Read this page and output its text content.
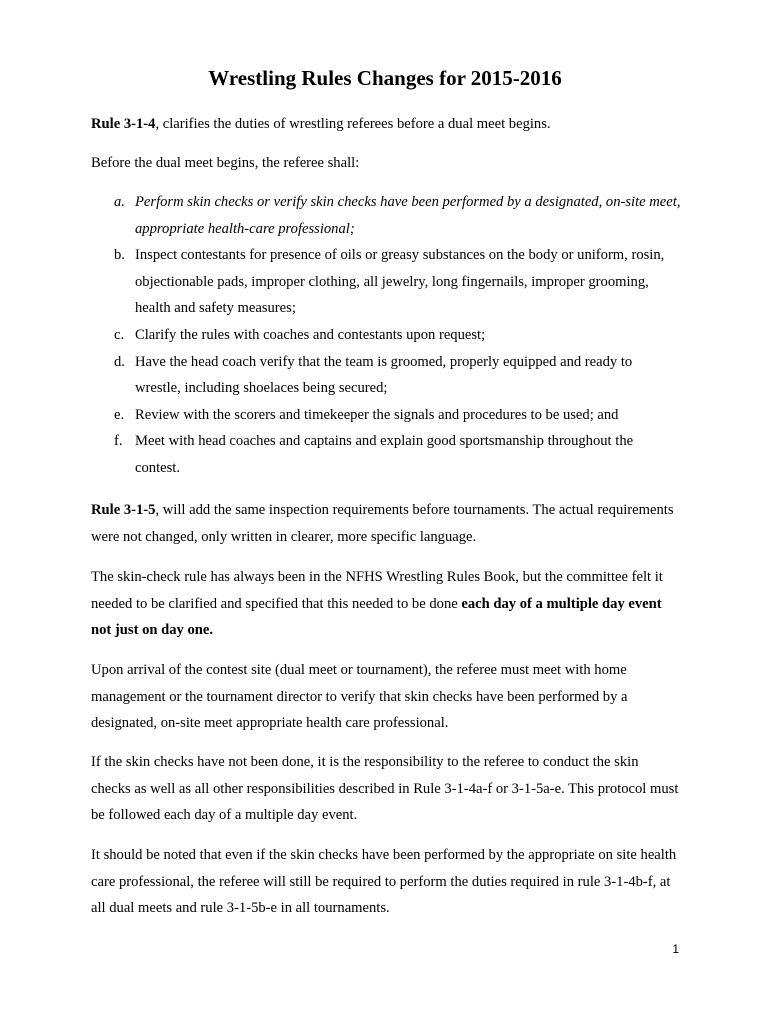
Wrestling Rules Changes for 2015-2016

Rule 3-1-4, clarifies the duties of wrestling referees before a dual meet begins.

Before the dual meet begins, the referee shall:

a. Perform skin checks or verify skin checks have been performed by a designated, on-site meet, appropriate health-care professional;
b. Inspect contestants for presence of oils or greasy substances on the body or uniform, rosin, objectionable pads, improper clothing, all jewelry, long fingernails, improper grooming, health and safety measures;
c. Clarify the rules with coaches and contestants upon request;
d. Have the head coach verify that the team is groomed, properly equipped and ready to wrestle, including shoelaces being secured;
e. Review with the scorers and timekeeper the signals and procedures to be used; and
f. Meet with head coaches and captains and explain good sportsmanship throughout the contest.

Rule 3-1-5, will add the same inspection requirements before tournaments. The actual requirements were not changed, only written in clearer, more specific language.

The skin-check rule has always been in the NFHS Wrestling Rules Book, but the committee felt it needed to be clarified and specified that this needed to be done each day of a multiple day event not just on day one.

Upon arrival of the contest site (dual meet or tournament), the referee must meet with home management or the tournament director to verify that skin checks have been performed by a designated, on-site meet appropriate health care professional.

If the skin checks have not been done, it is the responsibility to the referee to conduct the skin checks as well as all other responsibilities described in Rule 3-1-4a-f or 3-1-5a-e. This protocol must be followed each day of a multiple day event.

It should be noted that even if the skin checks have been performed by the appropriate on site health care professional, the referee will still be required to perform the duties required in rule 3-1-4b-f, at all dual meets and rule 3-1-5b-e in all tournaments.

1
